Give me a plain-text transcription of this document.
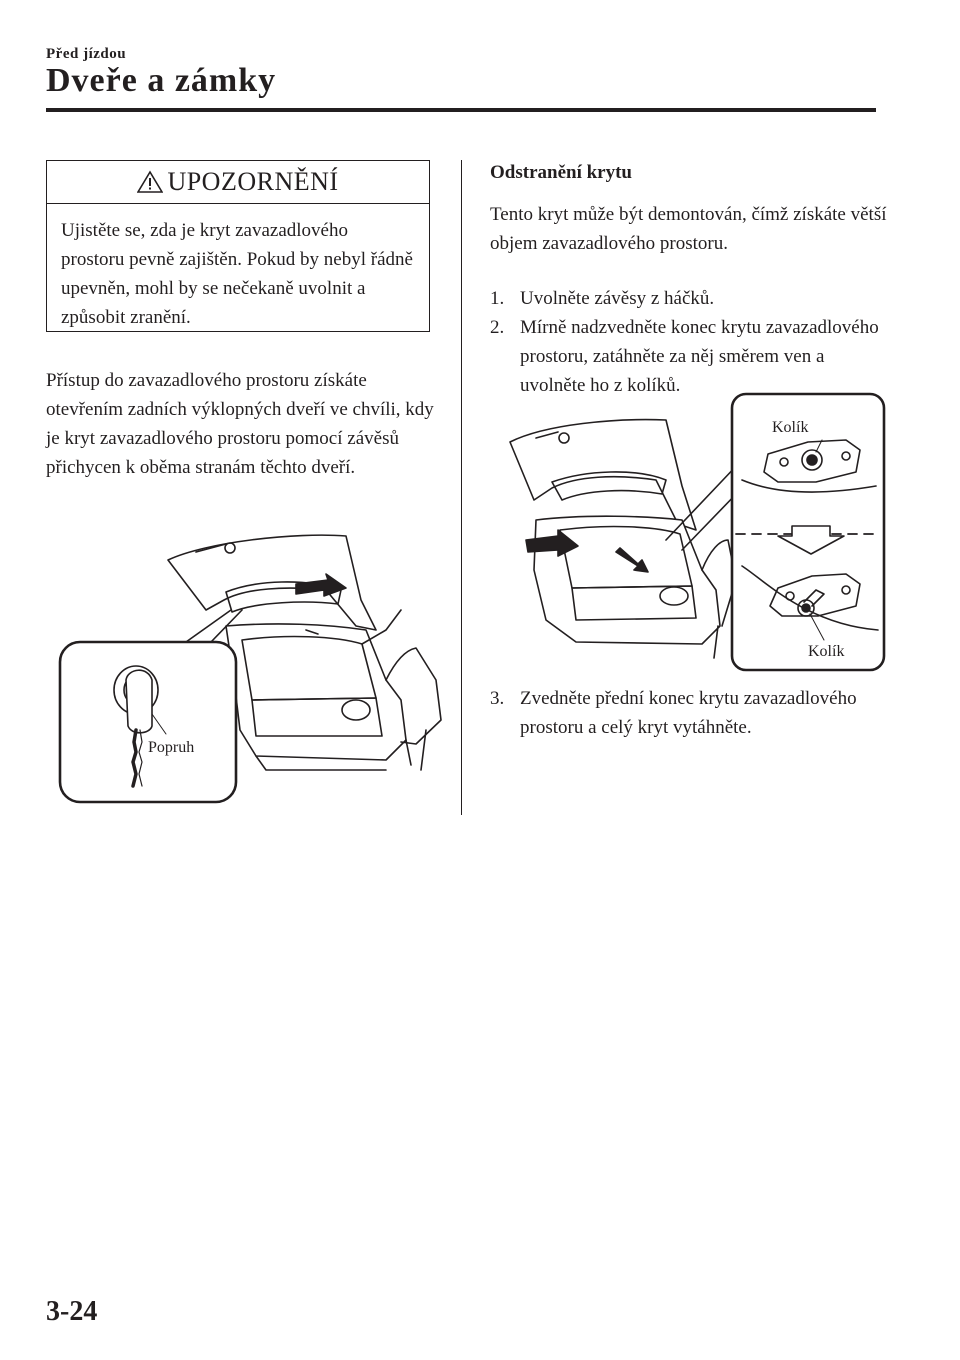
Před jízdou
Dveře a zámky
UPOZORNĚNÍ

Ujistěte se, zda je kryt zavazadlového prostoru pevně zajištěn. Pokud by nebyl řádně upevněn, mohl by se nečekaně uvolnit a způsobit zranění.

Přístup do zavazadlového prostoru získáte otevřením zadních výklopných dveří ve chvíli, kdy je kryt zavazadlového prostoru pomocí závěsů přichycen k oběma stranám těchto dveří.

Popruh
Odstranění krytu

Tento kryt může být demontován, čímž získáte větší objem zavazadlového prostoru.

1. Uvolněte závěsy z háčků.
2. Mírně nadzvedněte konec krytu zavazadlového prostoru, zatáhněte za něj směrem ven a uvolněte ho z kolíků.
Kolík
Kolík
3. Zvedněte přední konec krytu zavazadlového prostoru a celý kryt vytáhněte.
3-24
